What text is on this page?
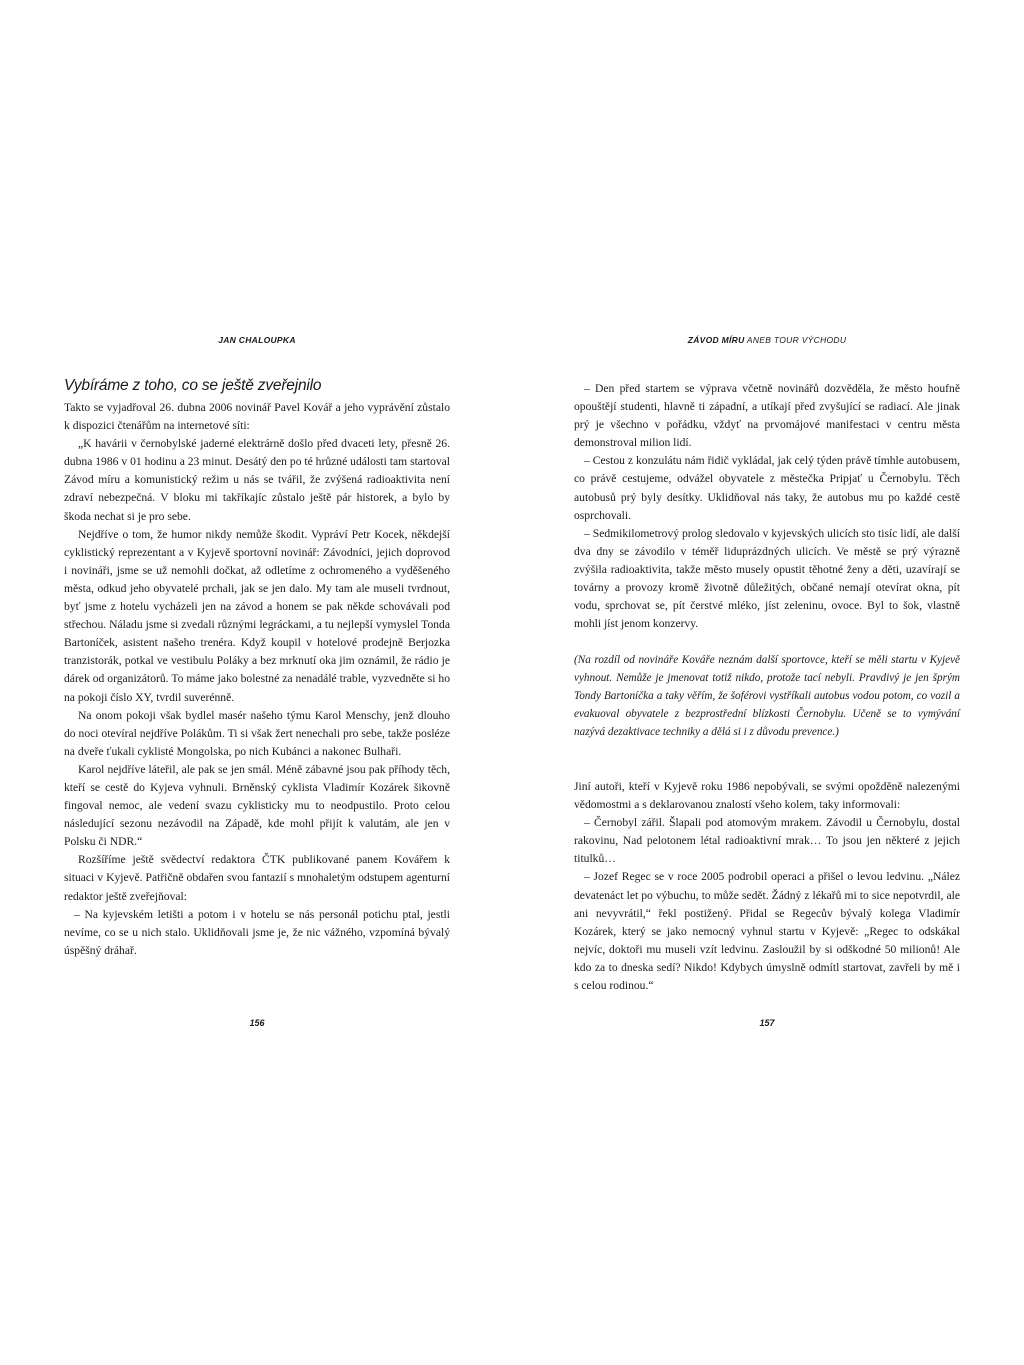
JAN CHALOUPKA
Vybíráme z toho, co se ještě zveřejnilo

Takto se vyjadřoval 26. dubna 2006 novinář Pavel Kovář a jeho vyprávění zůstalo k dispozici čtenářům na internetové síti:

„K havárii v černobylské jaderné elektrárně došlo před dvaceti lety, přesně 26. dubna 1986 v 01 hodinu a 23 minut. Desátý den po té hrůzné události tam startoval Závod míru a komunistický režim u nás se tvářil, že zvýšená radioaktivita není zdraví nebezpečná. V bloku mi takříkajíc zůstalo ještě pár historek, a bylo by škoda nechat si je pro sebe.

Nejdříve o tom, že humor nikdy nemůže škodit. Vypráví Petr Kocek, někdejší cyklistický reprezentant a v Kyjevě sportovní novinář: Závodníci, jejich doprovod i novináři, jsme se už nemohli dočkat, až odletíme z ochromeného a vyděšeného města, odkud jeho obyvatelé prchali, jak se jen dalo. My tam ale museli tvrdnout, byť jsme z hotelu vycházeli jen na závod a honem se pak někde schovávali pod střechou. Náladu jsme si zvedali různými legráckami, a tu nejlepší vymyslel Tonda Bartoníček, asistent našeho trenéra. Když koupil v hotelové prodejně Berjozka tranzistorák, potkal ve vestibulu Poláky a bez mrknutí oka jim oznámil, že rádio je dárek od organizátorů. To máme jako bolestné za nenadálé trable, vyzvedněte si ho na pokoji číslo XY, tvrdil suverénně.

Na onom pokoji však bydlel masér našeho týmu Karol Menschy, jenž dlouho do noci otevíral nejdříve Polákům. Ti si však žert nenechali pro sebe, takže posléze na dveře ťukali cyklisté Mongolska, po nich Kubánci a nakonec Bulhaři.

Karol nejdříve láteřil, ale pak se jen smál. Méně zábavné jsou pak příhody těch, kteří se cestě do Kyjeva vyhnuli. Brněnský cyklista Vladimír Kozárek šikovně fingoval nemoc, ale vedení svazu cyklisticky mu to neodpustilo. Proto celou následující sezonu nezávodil na Západě, kde mohl přijít k valutám, ale jen v Polsku či NDR.“

Rozšíříme ještě svědectví redaktora ČTK publikované panem Kovářem k situaci v Kyjevě. Patřičně obdařen svou fantazií s mnohaletým odstupem agenturní redaktor ještě zveřejňoval:

– Na kyjevském letišti a potom i v hotelu se nás personál potichu ptal, jestli nevíme, co se u nich stalo. Uklidňovali jsme je, že nic vážného, vzpomíná bývalý úspěšný dráhař.

156
ZÁVOD MÍRU ANEB TOUR VÝCHODU

– Den před startem se výprava včetně novinářů dozvěděla, že město houfně opouštějí studenti, hlavně ti západní, a utíkají před zvyšující se radiací. Ale jinak prý je všechno v pořádku, vždyť na prvomájové manifestaci v centru města demonstroval milion lidí.

– Cestou z konzulátu nám řidič vykládal, jak celý týden právě tímhle autobusem, co právě cestujeme, odvážel obyvatele z městečka Pripjať u Černobylu. Těch autobusů prý byly desítky. Uklidňoval nás taky, že autobus mu po každé cestě osprchovali.

– Sedmikilometrový prolog sledovalo v kyjevských ulicích sto tisíc lidí, ale další dva dny se závodilo v téměř liduprázdných ulicích. Ve městě se prý výrazně zvýšila radioaktivita, takže město musely opustit těhotné ženy a děti, uzavírají se továrny a provozy kromě životně důležitých, občané nemají otevírat okna, pít vodu, sprchovat se, pít čerstvé mléko, jíst zeleninu, ovoce. Byl to šok, vlastně mohli jíst jenom konzervy.

(Na rozdíl od novináře Kováře neznám další sportovce, kteří se měli startu v Kyjevě vyhnout. Nemůže je jmenovat totiž nikdo, protože tací nebyli. Pravdivý je jen šprým Tondy Bartoníčka a taky věřím, že šoférovi vystříkali autobus vodou potom, co vozil a evakuoval obyvatele z bezprostřední blízkosti Černobylu. Učeně se to vymývání nazývá dezaktivace techniky a dělá si i z důvodu prevence.)

Jiní autoři, kteří v Kyjevě roku 1986 nepobývali, se svými opožděně nalezenými vědomostmi a s deklarovanou znalostí všeho kolem, taky informovali:

– Černobyl zářil. Šlapali pod atomovým mrakem. Závodil u Černobylu, dostal rakovinu, Nad pelotonem létal radioaktivní mrak… To jsou jen některé z jejich titulků…

– Jozef Regec se v roce 2005 podrobil operaci a přišel o levou ledvinu. „Nález devatenáct let po výbuchu, to může sedět. Žádný z lékařů mi to sice nepotvrdil, ale ani nevyvrátil,“ řekl postižený. Přidal se Regecův bývalý kolega Vladimír Kozárek, který se jako nemocný vyhnul startu v Kyjevě: „Regec to odskákal nejvíc, doktoři mu museli vzít ledvinu. Zasloužil by si odškodné 50 milionů! Ale kdo za to dneska sedí? Nikdo! Kdybych úmyslně odmítl startovat, zavřeli by mě i s celou rodinou.“

157
